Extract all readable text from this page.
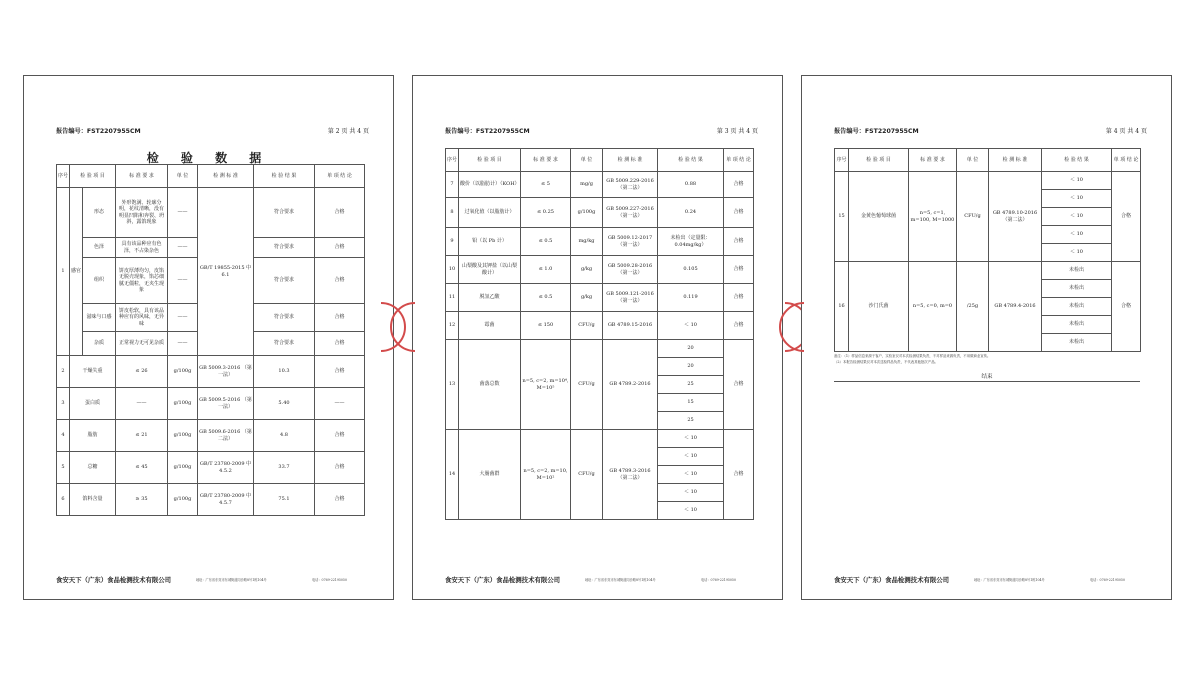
报告编号：FST2207955CM	第 2 页 共 4 页
检 验 数 据
序号	检 验 项 目		标 准 要 求	单 位	检 测 标 准	检 验 结 果	单 项 结 论
1	感官	形态	外形饱满、轮廓分明，花纹清晰，没有明显凹陷和奔裂、坍斜，露馅现象	——	GB/T 19855-2015 中 6.1	符合要求	合格
		色泽	具有该品种应有色泽，不占染杂色	——		符合要求	合格
		组织	饼皮厚薄均匀，皮馅无脱壳现象，馅芯细腻无僵粒，无夹生现象	——		符合要求	合格
		滋味与口感	饼皮松软，具有该品种应有的风味，无异味	——		符合要求	合格
		杂质	正常视力无可见杂质	——		符合要求	合格
2	干燥失重		≤ 26	g/100g	GB 5009.3-2016 （第一法）	10.3	合格
3	蛋白质		——	g/100g	GB 5009.5-2016 （第一法）	5.40	——
4	脂肪		≤ 21	g/100g	GB 5009.6-2016 （第二法）	4.8	合格
5	总糖		≤ 45	g/100g	GB/T 23780-2009 中 4.5.2	33.7	合格
6	馅料含量		≥ 35	g/100g	GB/T 23780-2009 中 4.5.7	75.1	合格
食安天下（广东）食品检测技术有限公司	地址：广东省东莞市东城街道同沙路8号1栋104号	电话：0769-22195050
报告编号：FST2207955CM	第 3 页 共 4 页
序号	检 验 项 目	标 准 要 求	单 位	检 测 标 准	检 验 结 果	单 项 结 论
7	酸价（以脂肪计）（KOH）	≤ 5	mg/g	GB 5009.229-2016 （第二法）	0.88	合格
8	过氧化值（以脂肪计）	≤ 0.25	g/100g	GB 5009.227-2016 （第一法）	0.24	合格
9	铅（以 Pb 计）	≤ 0.5	mg/kg	GB 5009.12-2017 （第一法）	未检出（定量限：0.04mg/kg）	合格
10	山梨酸及其钾盐（以山梨酸计）	≤ 1.0	g/kg	GB 5009.28-2016 （第一法）	0.105	合格
11	脱氢乙酸	≤ 0.5	g/kg	GB 5009.121-2016 （第一法）	0.119	合格
12	霉菌	≤ 150	CFU/g	GB 4789.15-2016	＜ 10	合格
13	菌落总数	n=5, c=2, m=10⁴, M=10⁵	CFU/g	GB 4789.2-2016	20	合格
					20	
					25	
					15	
					25	
14	大肠菌群	n=5, c=2, m=10, M=10²	CFU/g	GB 4789.3-2016 （第二法）	＜ 10	合格
					＜ 10	
					＜ 10	
					＜ 10	
					＜ 10	
食安天下（广东）食品检测技术有限公司	地址：广东省东莞市东城街道同沙路8号1栋104号	电话：0769-22195050
报告编号：FST2207955CM	第 4 页 共 4 页
序号	检 验 项 目	标 准 要 求	单 位	检 测 标 准	检 验 结 果	单 项 结 论
15	金黄色葡萄球菌	n=5, c=1, m=100, M=1000	CFU/g	GB 4789.10-2016 （第二法）	＜ 10	合格
					＜ 10	
					＜ 10	
					＜ 10	
					＜ 10	
16	沙门氏菌	n=5, c=0, m=0	/25g	GB 4789.4-2016	未检出	合格
					未检出	
					未检出	
					未检出	
					未检出	
备注：（1）样品信息来源于客户，实验室仅对本次检测结果负责，不对样品来源负责，不用做商业宣传。
（2）本报告检测结果仅对本次送检样品负责，不代表其他批次产品。
结束
食安天下（广东）食品检测技术有限公司	地址：广东省东莞市东城街道同沙路8号1栋104号	电话：0769-22195050
